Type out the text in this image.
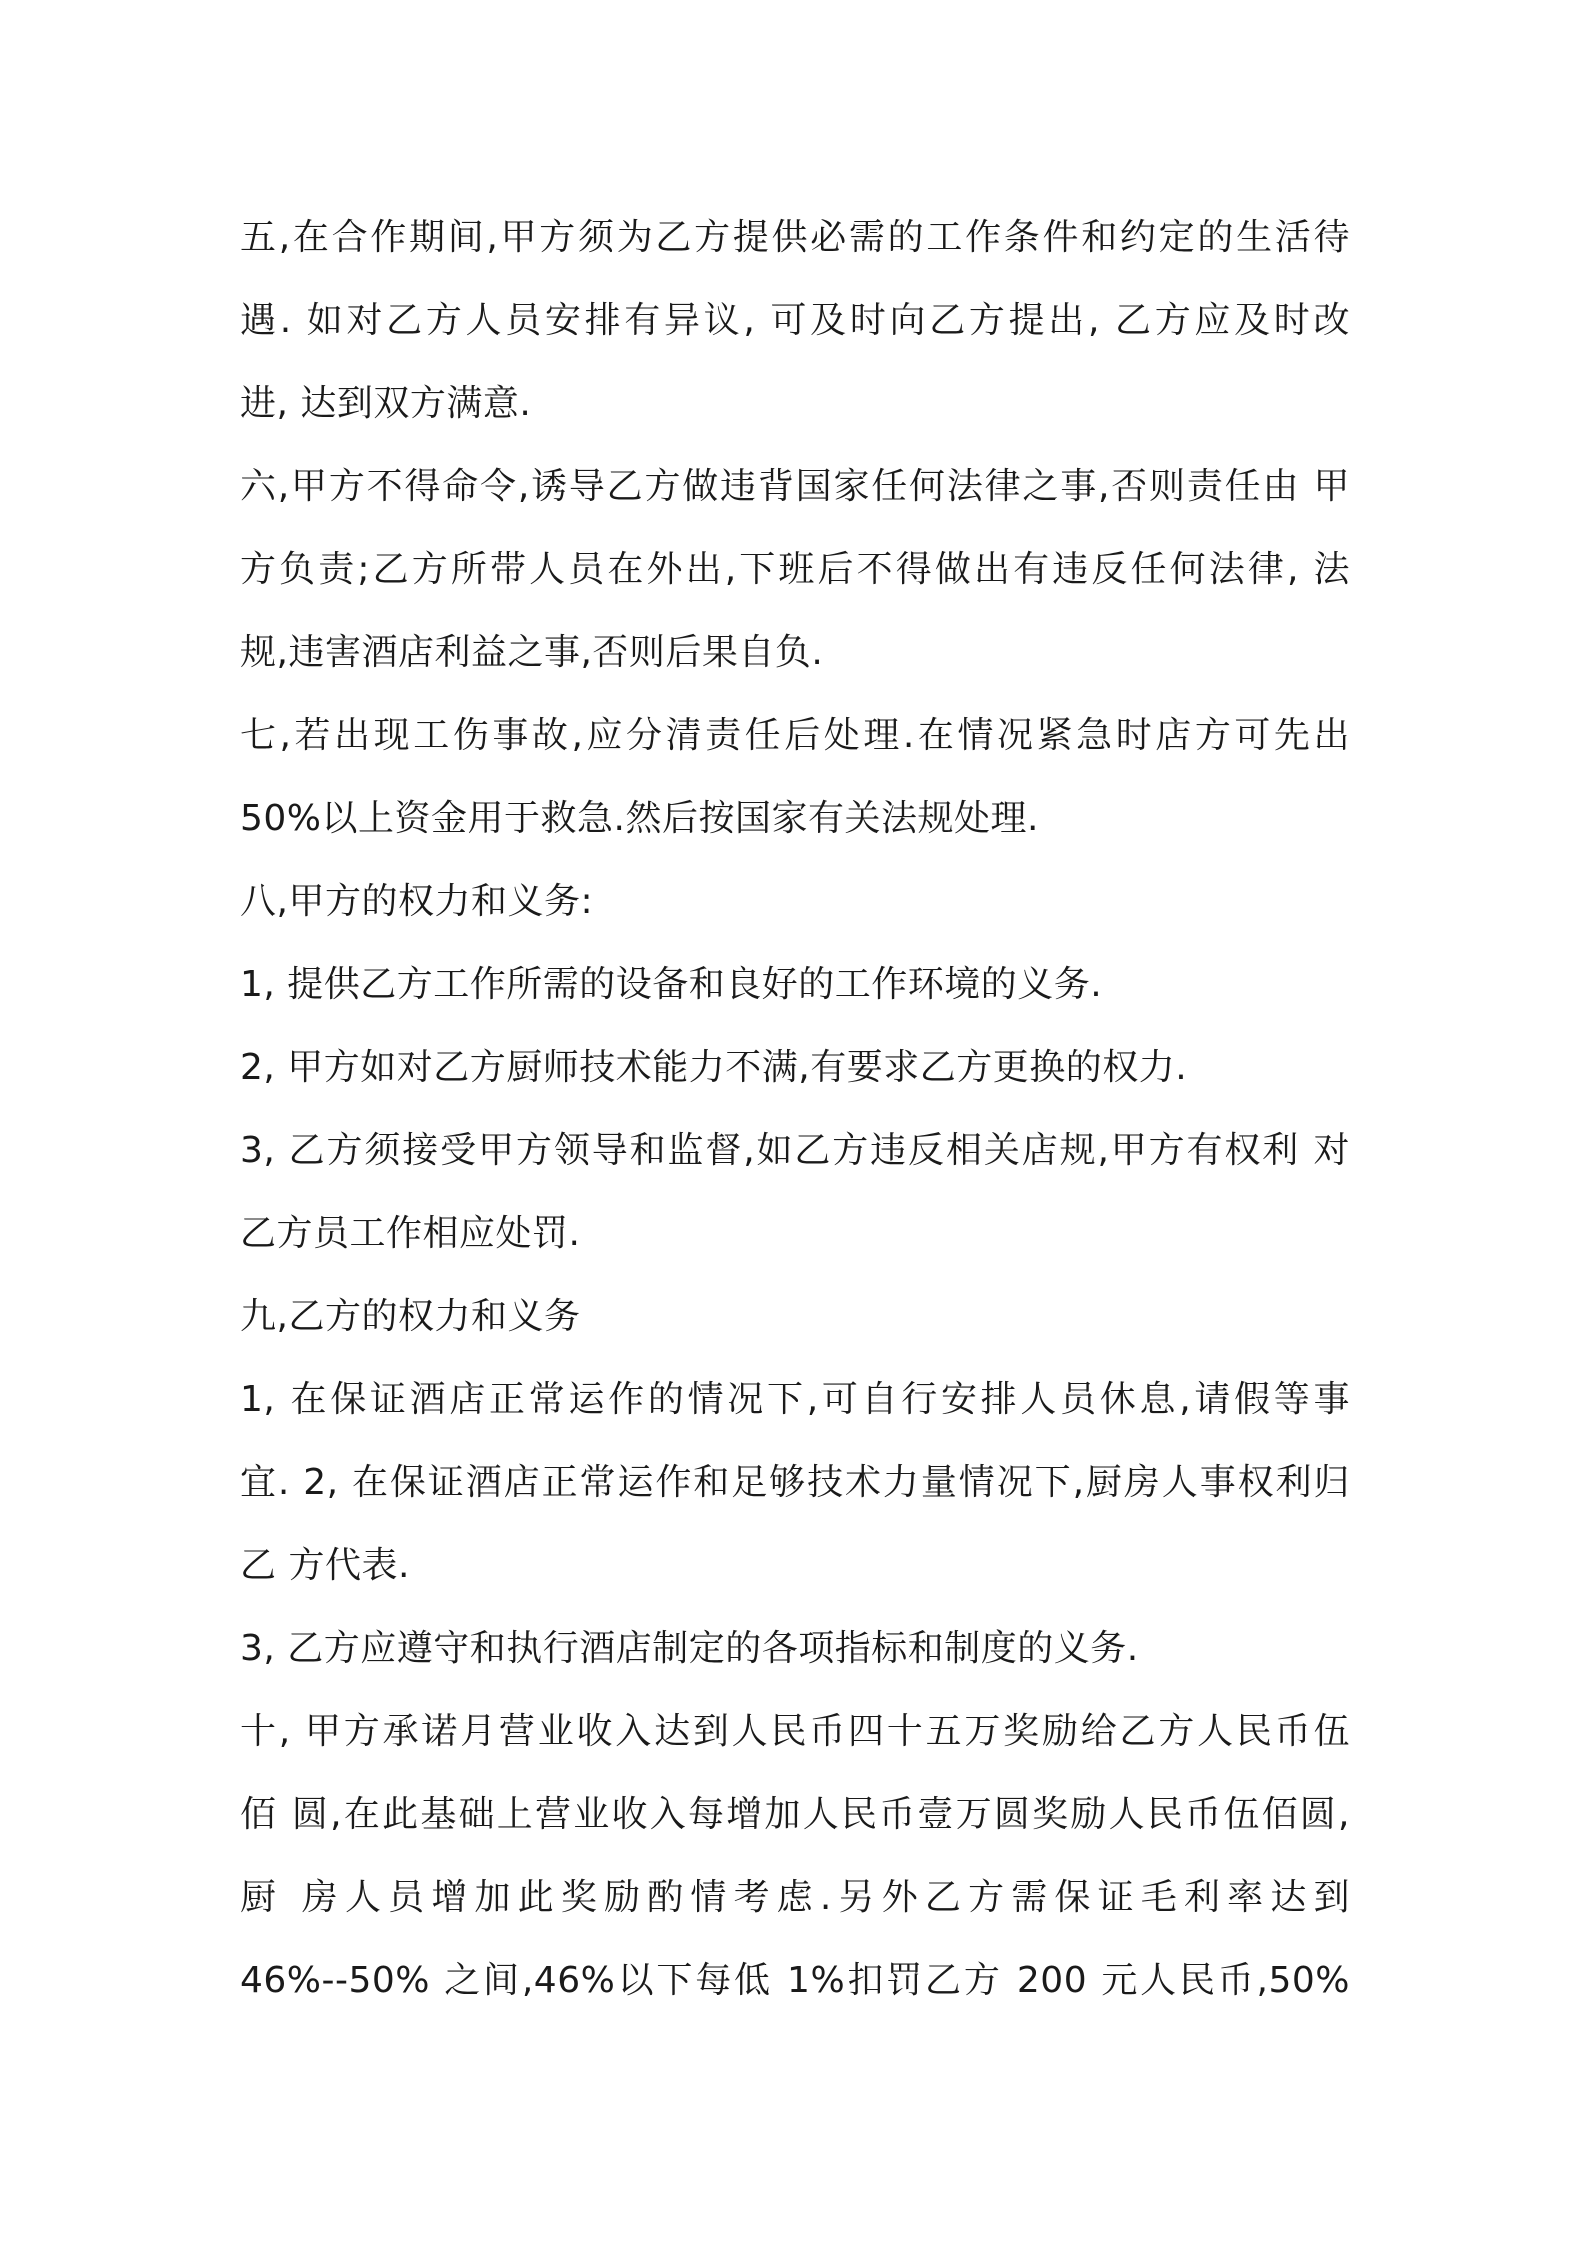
五,在合作期间,甲方须为乙方提供必需的工作条件和约定的生活待
遇. 如对乙方人员安排有异议, 可及时向乙方提出, 乙方应及时改
进, 达到双方满意.
六,甲方不得命令,诱导乙方做违背国家任何法律之事,否则责任由 甲
方负责;乙方所带人员在外出,下班后不得做出有违反任何法律, 法
规,违害酒店利益之事,否则后果自负.
七,若出现工伤事故,应分清责任后处理.在情况紧急时店方可先出
50%以上资金用于救急.然后按国家有关法规处理.
八,甲方的权力和义务:
1, 提供乙方工作所需的设备和良好的工作环境的义务.
2, 甲方如对乙方厨师技术能力不满,有要求乙方更换的权力.
3, 乙方须接受甲方领导和监督,如乙方违反相关店规,甲方有权利 对
乙方员工作相应处罚.
九,乙方的权力和义务
1, 在保证酒店正常运作的情况下,可自行安排人员休息,请假等事
宜. 2, 在保证酒店正常运作和足够技术力量情况下,厨房人事权利归
乙 方代表.
3, 乙方应遵守和执行酒店制定的各项指标和制度的义务.
十, 甲方承诺月营业收入达到人民币四十五万奖励给乙方人民币伍
佰 圆,在此基础上营业收入每增加人民币壹万圆奖励人民币伍佰圆,
厨 房人员增加此奖励酌情考虑.另外乙方需保证毛利率达到
46%--50% 之间,46%以下每低 1%扣罚乙方 200 元人民币,50%
